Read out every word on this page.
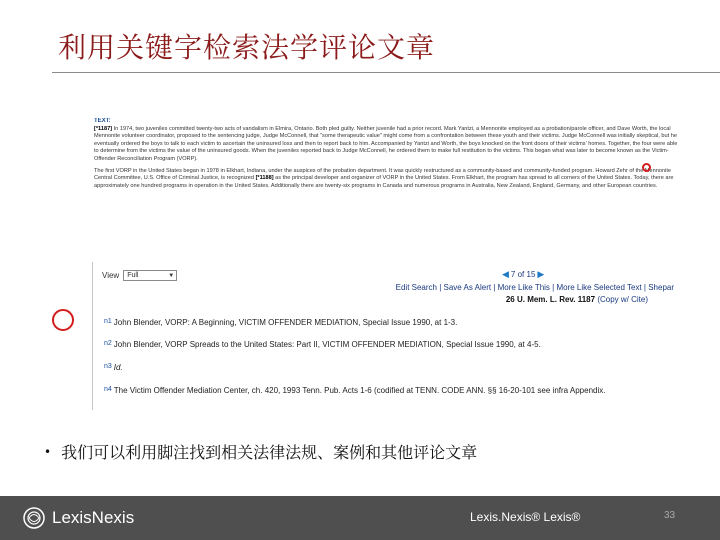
利用关键字检索法学评论文章
TEXT:

[*1187] In 1974, two juveniles committed twenty-two acts of vandalism in Elmira, Ontario. Both pled guilty. Neither juvenile had a prior record. Mark Yantzi, a Mennonite employed as a probation/parole officer, and Dave Worth, the local Mennonite volunteer coordinator, proposed to the sentencing judge, Judge McConnell, that "some therapeutic value" might come from a confrontation between these youth and their victims. Judge McConnell was initially skeptical, but he eventually ordered the boys to talk to each victim to ascertain the uninsured loss and then to report back to him. Accompanied by Yantzi and Worth, the boys knocked on the front doors of their victims' homes. Together, the four were able to determine from the victims the value of the uninsured goods. When the juveniles reported back to Judge McConnell, he ordered them to make full restitution to the victims. This began what was later to become known as the Victim-Offender Reconciliation Program (VORP).

The first VORP in the United States began in 1978 in Elkhart, Indiana, under the auspices of the probation department. It was quickly restructured as a community-based and community-funded program. Howard Zehr of the Mennonite Central Committee, U.S. Office of Criminal Justice, is recognized [*1188] as the principal developer and organizer of VORP in the United States. From Elkhart, the program has spread to all corners of the United States. Today, there are approximately one hundred programs in operation in the United States. Additionally there are twenty-six programs in Canada and numerous programs in Australia, New Zealand, England, Germany, and other European countries.

View Full	▼	◀ 7 of 15 ▶
Edit Search | Save As Alert | More Like This | More Like Selected Text | Shepar
26 U. Mem. L. Rev. 1187 (Copy w/ Cite)
n1 John Blender, VORP: A Beginning, VICTIM OFFENDER MEDIATION, Special Issue 1990, at 1-3.
n2 John Blender, VORP Spreads to the United States: Part II, VICTIM OFFENDER MEDIATION, Special Issue 1990, at 4-5.
n3 Id.
n4 The Victim Offender Mediation Center, ch. 420, 1993 Tenn. Pub. Acts 1-6 (codified at TENN. CODE ANN. §§ 16-20-101 see infra Appendix.
• 我们可以利用脚注找到相关法律法规、案例和其他评论文章
LexisNexis	Lexis.Nexis® Lexis®	33
